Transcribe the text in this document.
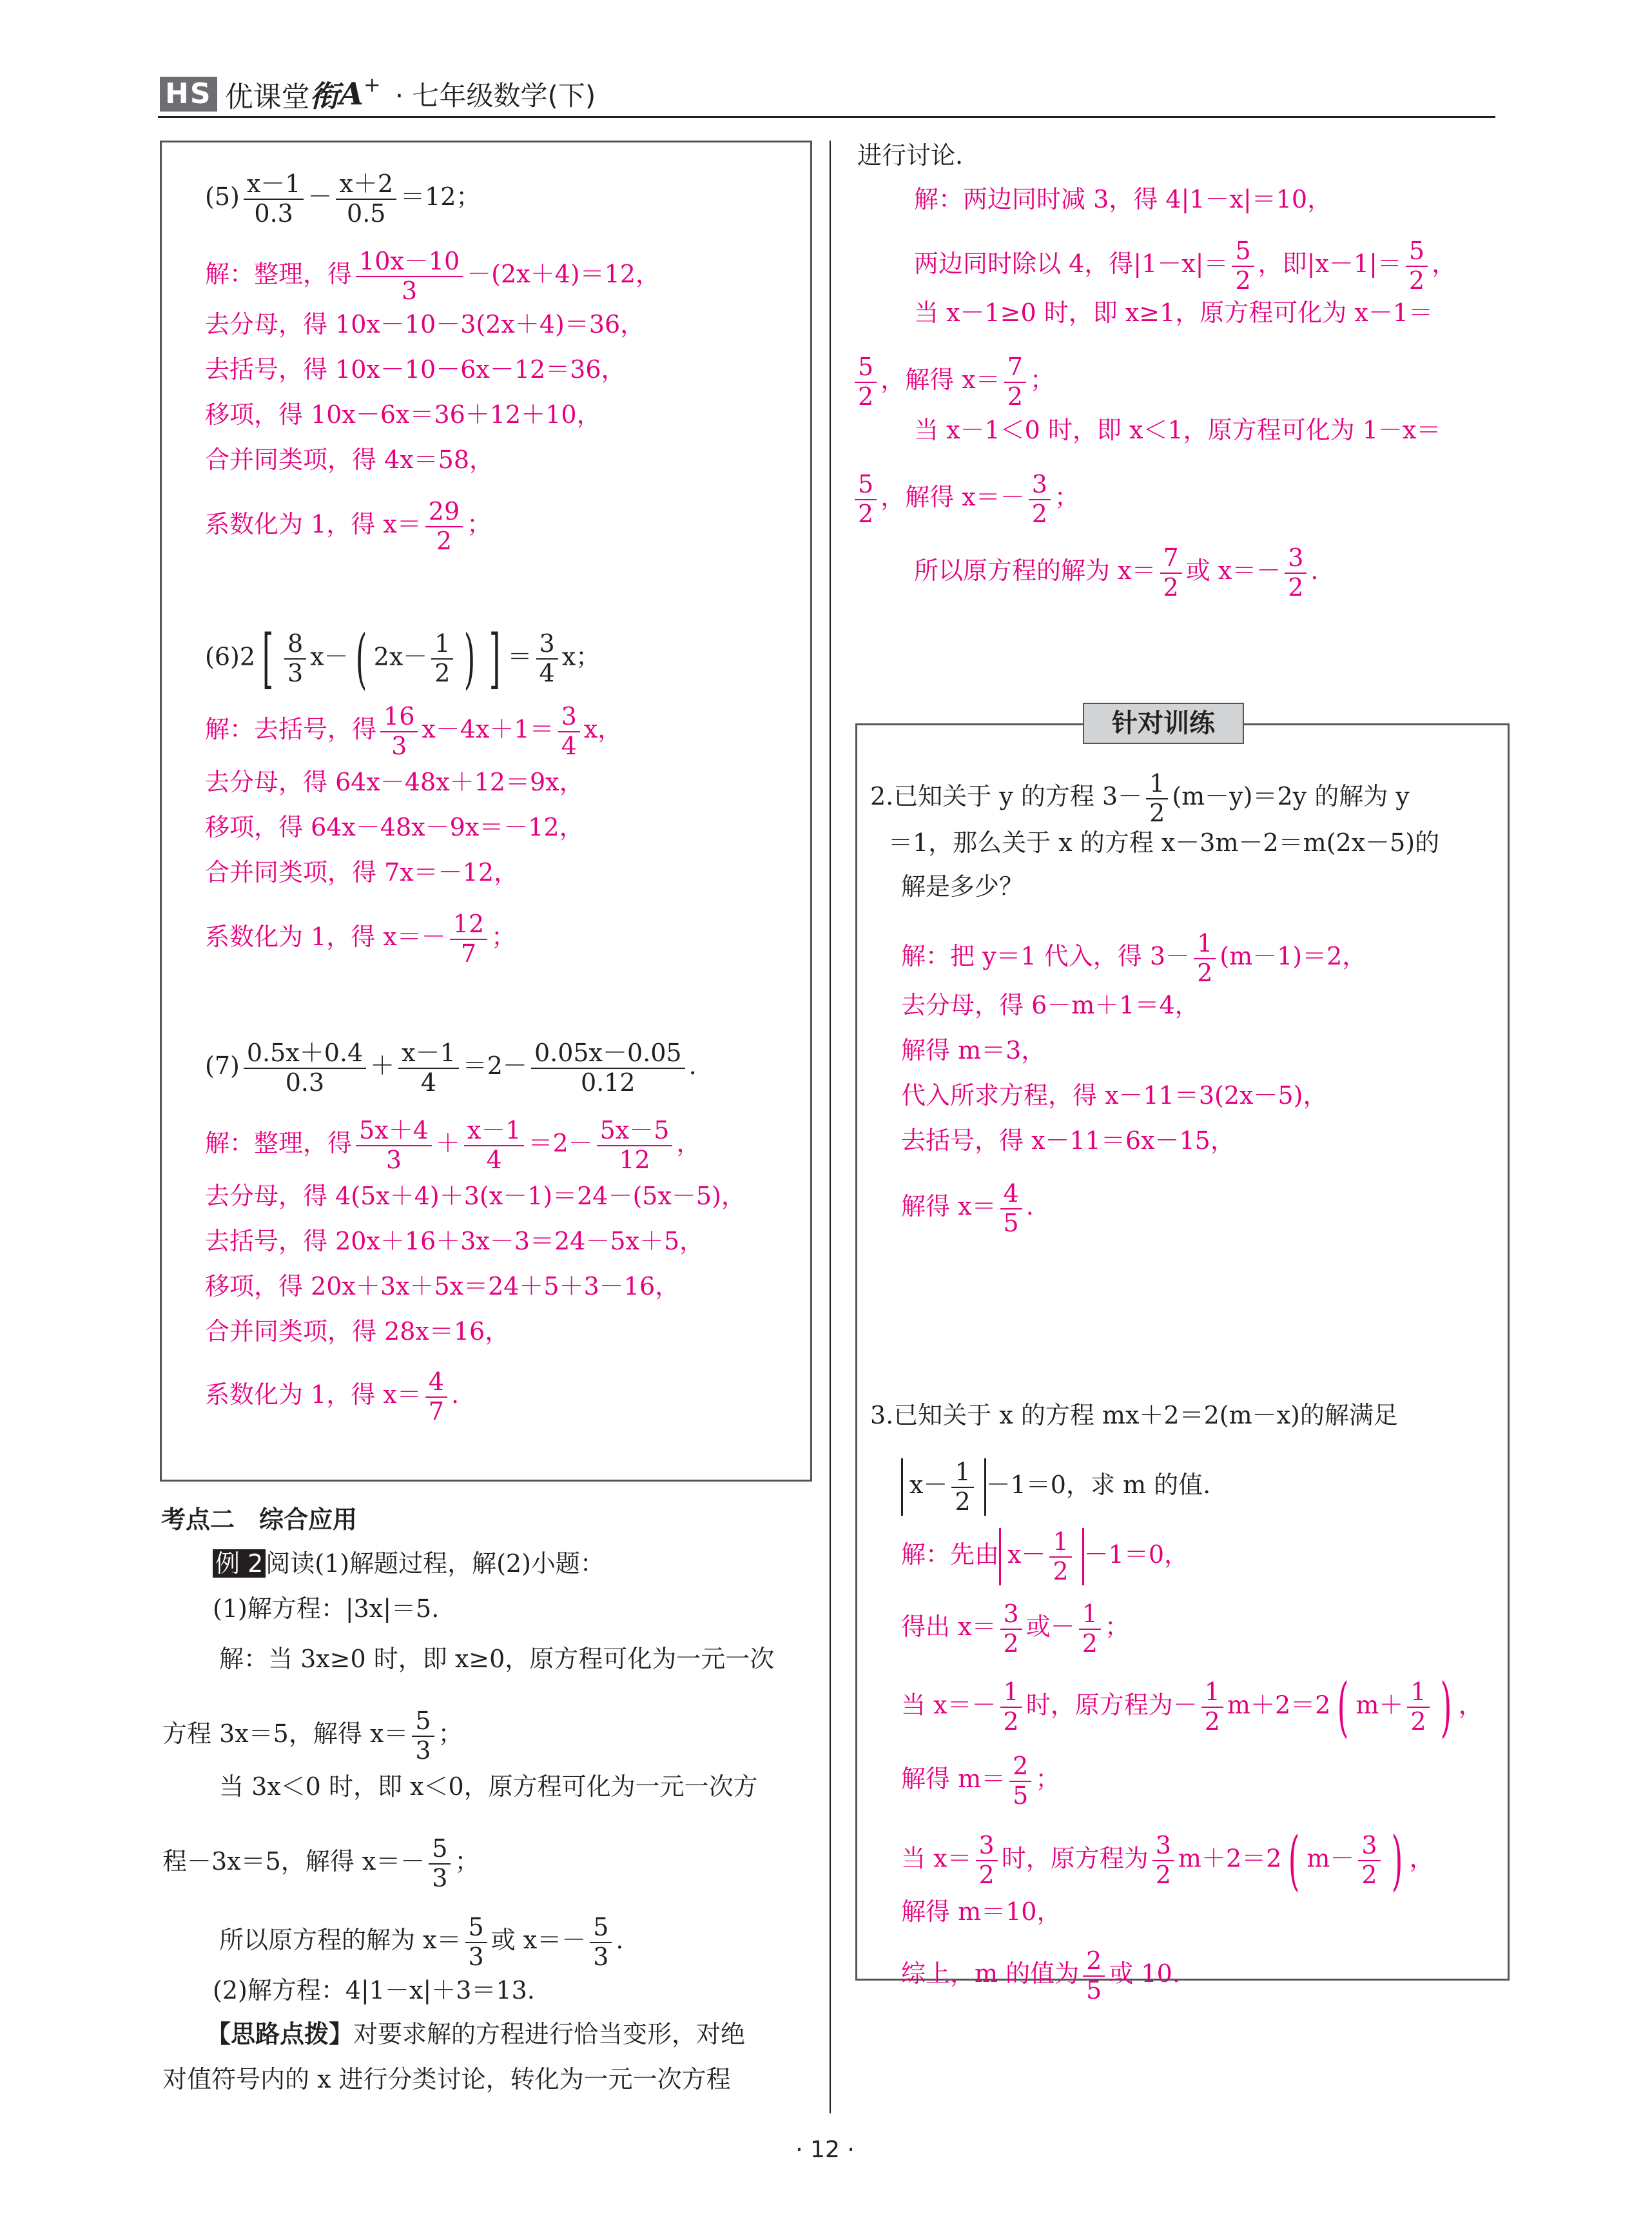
HS 优课堂衔A+ · 七年级数学(下)
$(5) \frac{x-1}{0.3} - \frac{x+2}{0.5} =12$；
解：整理，得 $\frac{10x-10}{3} -(2x+4)=12$，
去分母，得 10x－10－3(2x＋4)＝36，
去括号，得 10x－10－6x－12＝36，
移项，得 10x－6x＝36＋12＋10，
合并同类项，得 4x＝58，
系数化为 1，得 $x= \frac{29}{2}$ ；
(6)2 [ $\frac{8}{3} x-$ ( $2x- \frac{1}{2}$ ) ] ＝ $\frac{3}{4}$ x；
解：去括号，得 $\frac{16}{3} x-4x+1= \frac{3}{4}$ x，
去分母，得 64x－48x＋12＝9x，
移项，得 64x－48x－9x＝－12，
合并同类项，得 7x＝－12，
系数化为 1，得 $x=- \frac{12}{7}$ ；
$(7) \frac{0.5x+0.4}{0.3} + \frac{x-1}{4} =2- \frac{0.05x-0.05}{0.12}$ .
解：整理，得 $\frac{5x+4}{3} + \frac{x-1}{4} =2- \frac{5x-5}{12}$ ，
去分母，得 4(5x＋4)＋3(x－1)＝24－(5x－5)，
去括号，得 20x＋16＋3x－3＝24－5x＋5，
移项，得 20x＋3x＋5x＝24＋5＋3－16，
合并同类项，得 28x＝16，
系数化为 1，得 $x= \frac{4}{7}$ .
考点二　综合应用
例 2 阅读(1)解题过程，解(2)小题：
(1)解方程：|3x|＝5.
解：当 3x≥0 时，即 x≥0，原方程可化为一元一次
方程 3x＝5，解得 $x= \frac{5}{3}$ ；
当 3x＜0 时，即 x＜0，原方程可化为一元一次方
程－3x＝5，解得 $x=- \frac{5}{3}$ ；
所以原方程的解为 $x= \frac{5}{3}$ 或 $x=- \frac{5}{3}$ .
(2)解方程：4|1－x|＋3＝13.
【思路点拨】对要求解的方程进行恰当变形，对绝
对值符号内的 x 进行分类讨论，转化为一元一次方程
进行讨论.
解：两边同时减 3，得 4|1－x|＝10，
两边同时除以 4，得$|1-x|= \frac{5}{2}$ ，即$|x-1|= \frac{5}{2}$ ，
当 x－1≥0 时，即 x≥1，原方程可化为 x－1＝
$\frac{5}{2}$ ，解得 $x= \frac{7}{2}$ ；
当 x－1＜0 时，即 x＜1，原方程可化为 1－x＝
$\frac{5}{2}$ ，解得 $x=- \frac{3}{2}$ ；
所以原方程的解为 $x= \frac{7}{2}$ 或 $x=- \frac{3}{2}$ .
针对训练
2.已知关于 y 的方程 $3- \frac{1}{2} (m-y)=2y$ 的解为 y
＝1，那么关于 x 的方程 x－3m－2＝m(2x－5)的
解是多少？
解：把 y＝1 代入，得 $3- \frac{1}{2} (m-1)=2$，
去分母，得 6－m＋1＝4，
解得 m＝3，
代入所求方程，得 x－11＝3(2x－5)，
去括号，得 x－11＝6x－15，
解得 $x= \frac{4}{5}$ .
3.已知关于 x 的方程 mx＋2＝2(m－x)的解满足
$x- \frac{1}{2} -1=0$，求 m 的值.
解：先由 $x- \frac{1}{2} -1=0$，
得出 $x= \frac{3}{2}$ 或－ $\frac{1}{2}$ ；
当 $x=- \frac{1}{2}$ 时，原方程为－ $\frac{1}{2} m+2=2$ ( $m+ \frac{1}{2}$ ) ，
解得 $m= \frac{2}{5}$ ；
当 $x= \frac{3}{2}$ 时，原方程为 $\frac{3}{2} m+2=2$ ( $m- \frac{3}{2}$ ) ，
解得 m＝10，
综上，m 的值为 $\frac{2}{5}$ 或 10.
· 12 ·
